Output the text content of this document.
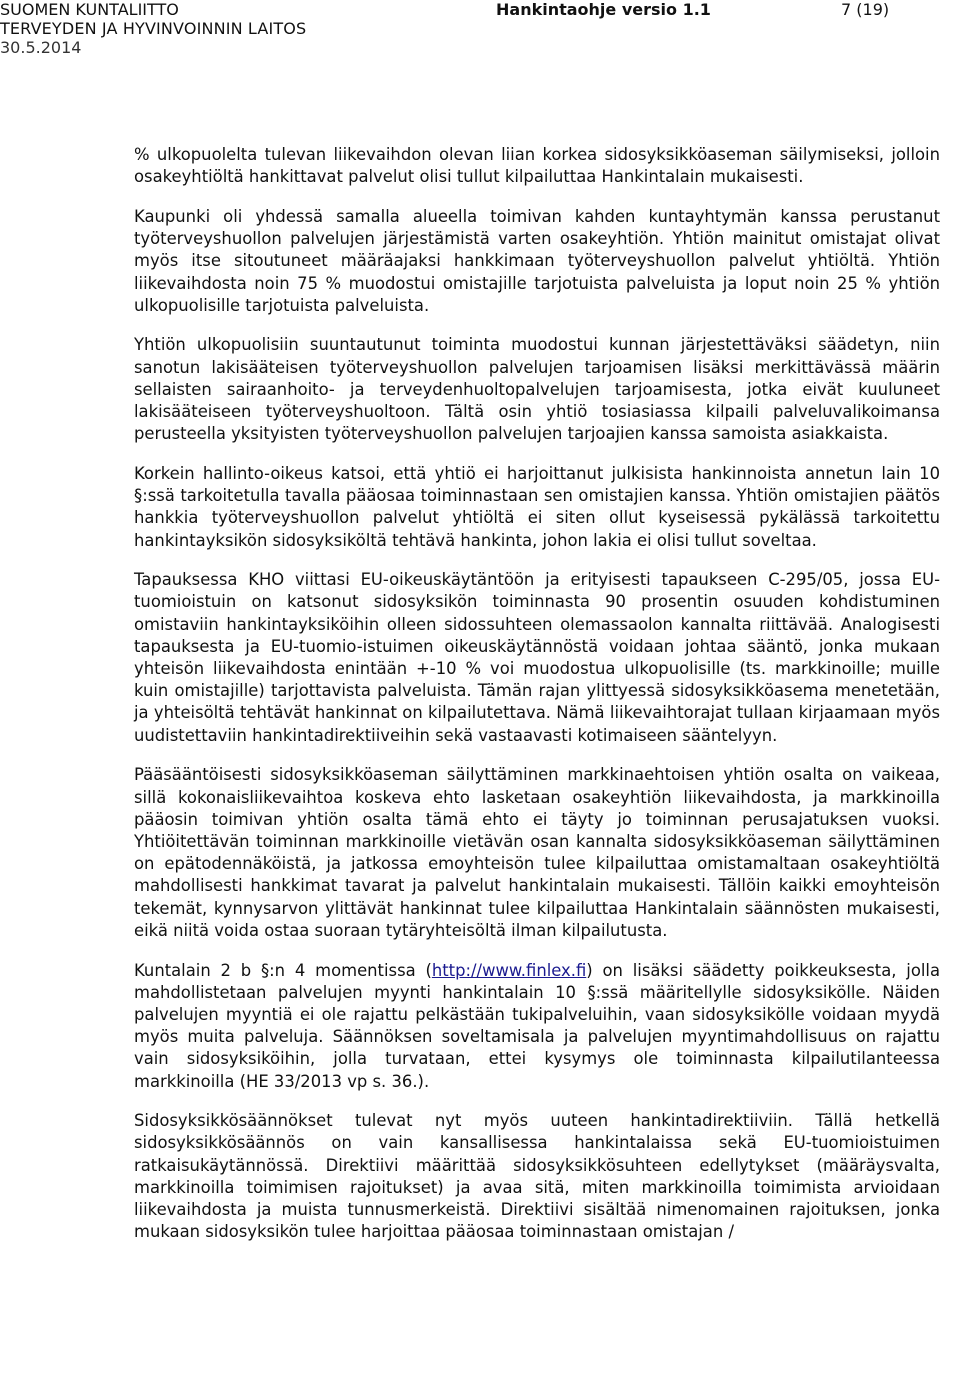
SUOMEN KUNTALIITTO
TERVEYDEN JA HYVINVOINNIN LAITOS
30.5.2014
Hankintaohje versio 1.1	7 (19)

% ulkopuolelta tulevan liikevaihdon olevan liian korkea sidosyksikköaseman säilymiseksi, jolloin osakeyhtiöltä hankittavat palvelut olisi tullut kilpailuttaa Hankintalain mukaisesti.

Kaupunki oli yhdessä samalla alueella toimivan kahden kuntayhtymän kanssa perustanut työterveyshuollon palvelujen järjestämistä varten osakeyhtiön. Yhtiön mainitut omistajat olivat myös itse sitoutuneet määräajaksi hankkimaan työterveyshuollon palvelut yhtiöltä. Yhtiön liikevaihdosta noin 75 % muodostui omistajille tarjotuista palveluista ja loput noin 25 % yhtiön ulkopuolisille tarjotuista palveluista.

Yhtiön ulkopuolisiin suuntautunut toiminta muodostui kunnan järjestettäväksi säädetyn, niin sanotun lakisääteisen työterveyshuollon palvelujen tarjoamisen lisäksi merkittävässä määrin sellaisten sairaanhoito- ja terveydenhuoltopalvelujen tarjoamisesta, jotka eivät kuuluneet lakisääteiseen työterveyshuoltoon. Tältä osin yhtiö tosiasiassa kilpaili palveluvalikoimansa perusteella yksityisten työterveyshuollon palvelujen tarjoajien kanssa samoista asiakkaista.

Korkein hallinto-oikeus katsoi, että yhtiö ei harjoittanut julkisista hankinnoista annetun lain 10 §:ssä tarkoitetulla tavalla pääosaa toiminnastaan sen omistajien kanssa. Yhtiön omistajien päätös hankkia työterveyshuollon palvelut yhtiöltä ei siten ollut kyseisessä pykälässä tarkoitettu hankintayksikön sidosyksiköltä tehtävä hankinta, johon lakia ei olisi tullut soveltaa.

Tapauksessa KHO viittasi EU-oikeuskäytäntöön ja erityisesti tapaukseen C-295/05, jossa EU-tuomioistuin on katsonut sidosyksikön toiminnasta 90 prosentin osuuden kohdistuminen omistaviin hankintayksiköihin olleen sidossuhteen olemassaolon kannalta riittävää. Analogisesti tapauksesta ja EU-tuomio-istuimen oikeuskäytännöstä voidaan johtaa sääntö, jonka mukaan yhteisön liikevaihdosta enintään +-10 % voi muodostua ulkopuolisille (ts. markkinoille; muille kuin omistajille) tarjottavista palveluista. Tämän rajan ylittyessä sidosyksikköasema menetetään, ja yhteisöltä tehtävät hankinnat on kilpailutettava. Nämä liikevaihtorajat tullaan kirjaamaan myös uudistettaviin hankintadirektiiveihin sekä vastaavasti kotimaiseen sääntelyyn.

Pääsääntöisesti sidosyksikköaseman säilyttäminen markkinaehtoisen yhtiön osalta on vaikeaa, sillä kokonaisliikevaihtoa koskeva ehto lasketaan osakeyhtiön liikevaihdosta, ja markkinoilla pääosin toimivan yhtiön osalta tämä ehto ei täyty jo toiminnan perusajatuksen vuoksi. Yhtiöitettävän toiminnan markkinoille vietävän osan kannalta sidosyksikköaseman säilyttäminen on epätodennäköistä, ja jatkossa emoyhteisön tulee kilpailuttaa omistamaltaan osakeyhtiöltä mahdollisesti hankkimat tavarat ja palvelut hankintalain mukaisesti. Tällöin kaikki emoyhteisön tekemät, kynnysarvon ylittävät hankinnat tulee kilpailuttaa Hankintalain säännösten mukaisesti, eikä niitä voida ostaa suoraan tytäryhteisöltä ilman kilpailutusta.

Kuntalain 2 b §:n 4 momentissa (http://www.finlex.fi) on lisäksi säädetty poikkeuksesta, jolla mahdollistetaan palvelujen myynti hankintalain 10 §:ssä määritellylle sidosyksikölle. Näiden palvelujen myyntiä ei ole rajattu pelkästään tukipalveluihin, vaan sidosyksikölle voidaan myydä myös muita palveluja. Säännöksen soveltamisala ja palvelujen myyntimahdollisuus on rajattu vain sidosyksiköihin, jolla turvataan, ettei kysymys ole toiminnasta kilpailutilanteessa markkinoilla (HE 33/2013 vp s. 36.).

Sidosyksikkösäännökset tulevat nyt myös uuteen hankintadirektiiviin. Tällä hetkellä sidosyksikkösäännös on vain kansallisessa hankintalaissa sekä EU-tuomioistuimen ratkaisukäytännössä. Direktiivi määrittää sidosyksikkösuhteen edellytykset (määräysvalta, markkinoilla toimimisen rajoitukset) ja avaa sitä, miten markkinoilla toimimista arvioidaan liikevaihdosta ja muista tunnusmerkeistä. Direktiivi sisältää nimenomainen rajoituksen, jonka mukaan sidosyksikön tulee harjoittaa pääosaa toiminnastaan omistajan /
